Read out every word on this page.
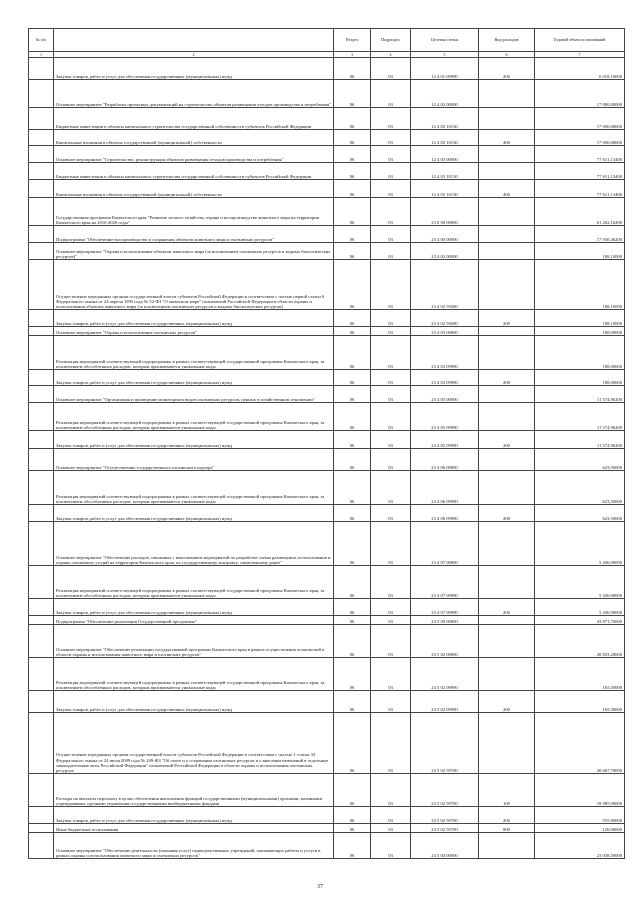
№ п/п		Раздел	Подраздел	Целевая статья	Вид расходов	Годовой объем ассигнований
1	2	3	4	5	6	7
	Закупка товаров, работ и услуг для обеспечения государственных (муниципальных) нужд	06	03	12 4 01 09990	200	6 018,10000
	Основное мероприятие "Разработка проектных документаций на строительство объектов размещения отходов производства и потребления"	06	03	12 4 02 00000		17 000,00000
	Бюджетные инвестиции в объекты капитального строительства государственной собственности субъектов Российской Федерации	06	03	12 4 02 10130		17 000,00000
	Капитальные вложения в объекты государственной (муниципальной) собственности	06	03	12 4 02 10130	400	17 000,00000
	Основное мероприятие "Строительство, реконструкция объектов размещения отходов производства и потребления"	06	03	12 4 03 00000		77 611,13400
	Бюджетные инвестиции в объекты капитального строительства государственной собственности субъектов Российской Федерации	06	03	12 4 03 10130		77 611,13400
	Капитальные вложения в объекты государственной (муниципальной) собственности	06	03	12 4 03 10130	400	77 611,13400
	Государственная программа Камчатского края "Развитие лесного хозяйства, охрана и воспроизводство животного мира на территории Камчатского края на 2016-2020 годы"	06	03	23 0 00 00000		61 202,16200
	Подпрограмма "Обеспечение воспроизводства и сохранения объектов животного мира и охотничьих ресурсов"	06	03	23 4 00 00000		17 930,46200
	Основное мероприятие "Охрана и использование объектов животного мира (за исключением охотничьих ресурсов и водных биологических ресурсов)"	06	03	23 4 02 00000		108,10000
	Осуществление переданных органам государственной власти субъектов Российской Федерации в соответствии с частью первой статьи 6 Федерального закона от 24 апреля 1995 года № 52-ФЗ "О животном мире" полномочий Российской Федерации в области охраны и использования объектов животного мира (за исключением охотничьих ресурсов и водных биологических ресурсов)	06	03	23 4 02 59200		108,10000
	Закупка товаров, работ и услуг для обеспечения государственных (муниципальных) нужд	06	03	23 4 02 59200	200	108,10000
	Основное мероприятие "Охрана и использование охотничьих ресурсов"	06	03	23 4 03 00000		188,00000
	Реализация мероприятий соответствующей подпрограммы в рамках соответствующей государственной программы Камчатского края, за исключением обособленных расходов, которым присваиваются уникальные коды	06	03	23 4 03 09990		188,00000
	Закупка товаров, работ и услуг для обеспечения государственных (муниципальных) нужд	06	03	23 4 03 09990	200	188,00000
	Основное мероприятие "Организация и проведение мониторинга видов охотничьих ресурсов, ценных в хозяйственном отношении"	06	03	23 4 05 00000		11 574,96200
	Реализация мероприятий соответствующей подпрограммы в рамках соответствующей государственной программы Камчатского края, за исключением обособленных расходов, которым присваиваются уникальные коды	06	03	23 4 05 09990		11 574,96200
	Закупка товаров, работ и услуг для обеспечения государственных (муниципальных) нужд	06	03	23 4 05 09990	200	11 574,96200
	Основное мероприятие "Осуществление государственного охотничьего надзора"	06	03	23 4 06 00000		623,50000
	Реализация мероприятий соответствующей подпрограммы в рамках соответствующей государственной программы Камчатского края, за исключением обособленных расходов, которым присваиваются уникальные коды	06	03	23 4 06 09990		623,50000
	Закупка товаров, работ и услуг для обеспечения государственных (муниципальных) нужд	06	03	23 4 06 09990	200	623,50000
	Основное мероприятие "Обеспечение расходов, связанных с выполнением мероприятий по разработке схемы размещения, использования и охраны охотничьих угодий на территории Камчатского края, по государственному контракту, заключенному ранее"	06	03	23 4 07 00000		5 436,90000
	Реализация мероприятий соответствующей подпрограммы в рамках соответствующей государственной программы Камчатского края, за исключением обособленных расходов, которым присваиваются уникальные коды	06	03	23 4 07 09990		5 436,90000
	Закупка товаров, работ и услуг для обеспечения государственных (муниципальных) нужд	06	03	23 4 07 09990	200	5 436,90000
	Подпрограмма "Обеспечение реализации Государственной программы"	06	03	23 5 00 00000		43 871,70000
	Основное мероприятие "Обеспечение реализации государственной программы Камчатского края в рамках осуществления полномочий в области охраны и использования животного мира и охотничьих ресурсов"	06	03	23 5 02 00000		20 833,20000
	Реализация мероприятий соответствующей подпрограммы в рамках соответствующей государственной программы Камчатского края, за исключением обособленных расходов, которым присваиваются уникальные коды	06	03	23 5 02 09990		165,50000
	Закупка товаров, работ и услуг для обеспечения государственных (муниципальных) нужд	06	03	23 5 02 09990	200	165,50000
	Осуществление переданных органам государственной власти субъектов Российской Федерации в соответствии с частью 1 статьи 33 Федерального закона от 24 июля 2009 года № 209-ФЗ "Об охоте и о сохранении охотничьих ресурсов и о внесении изменений в отдельные законодательные акты Российской Федерации" полномочий Российской Федерации в области охраны и использования охотничьих ресурсов	06	03	23 5 02 59700		20 667,70000
	Расходы на выплаты персоналу в целях обеспечения выполнения функций государственными (муниципальными) органами, казенными учреждениями, органами управления государственными внебюджетными фондами	06	03	23 5 02 59700	100	19 985,90000
	Закупка товаров, работ и услуг для обеспечения государственных (муниципальных) нужд	06	03	23 5 02 59700	200	555,80000
	Иные бюджетные ассигнования	06	03	23 5 02 59700	800	126,00000
	Основное мероприятие "Обеспечение деятельности (оказания услуг) подведомственных учреждений, оказывающих работы и услуги в рамках охраны и использования животного мира и охотничьих ресурсов"	06	03	23 5 04 00000		23 038,50000
37
